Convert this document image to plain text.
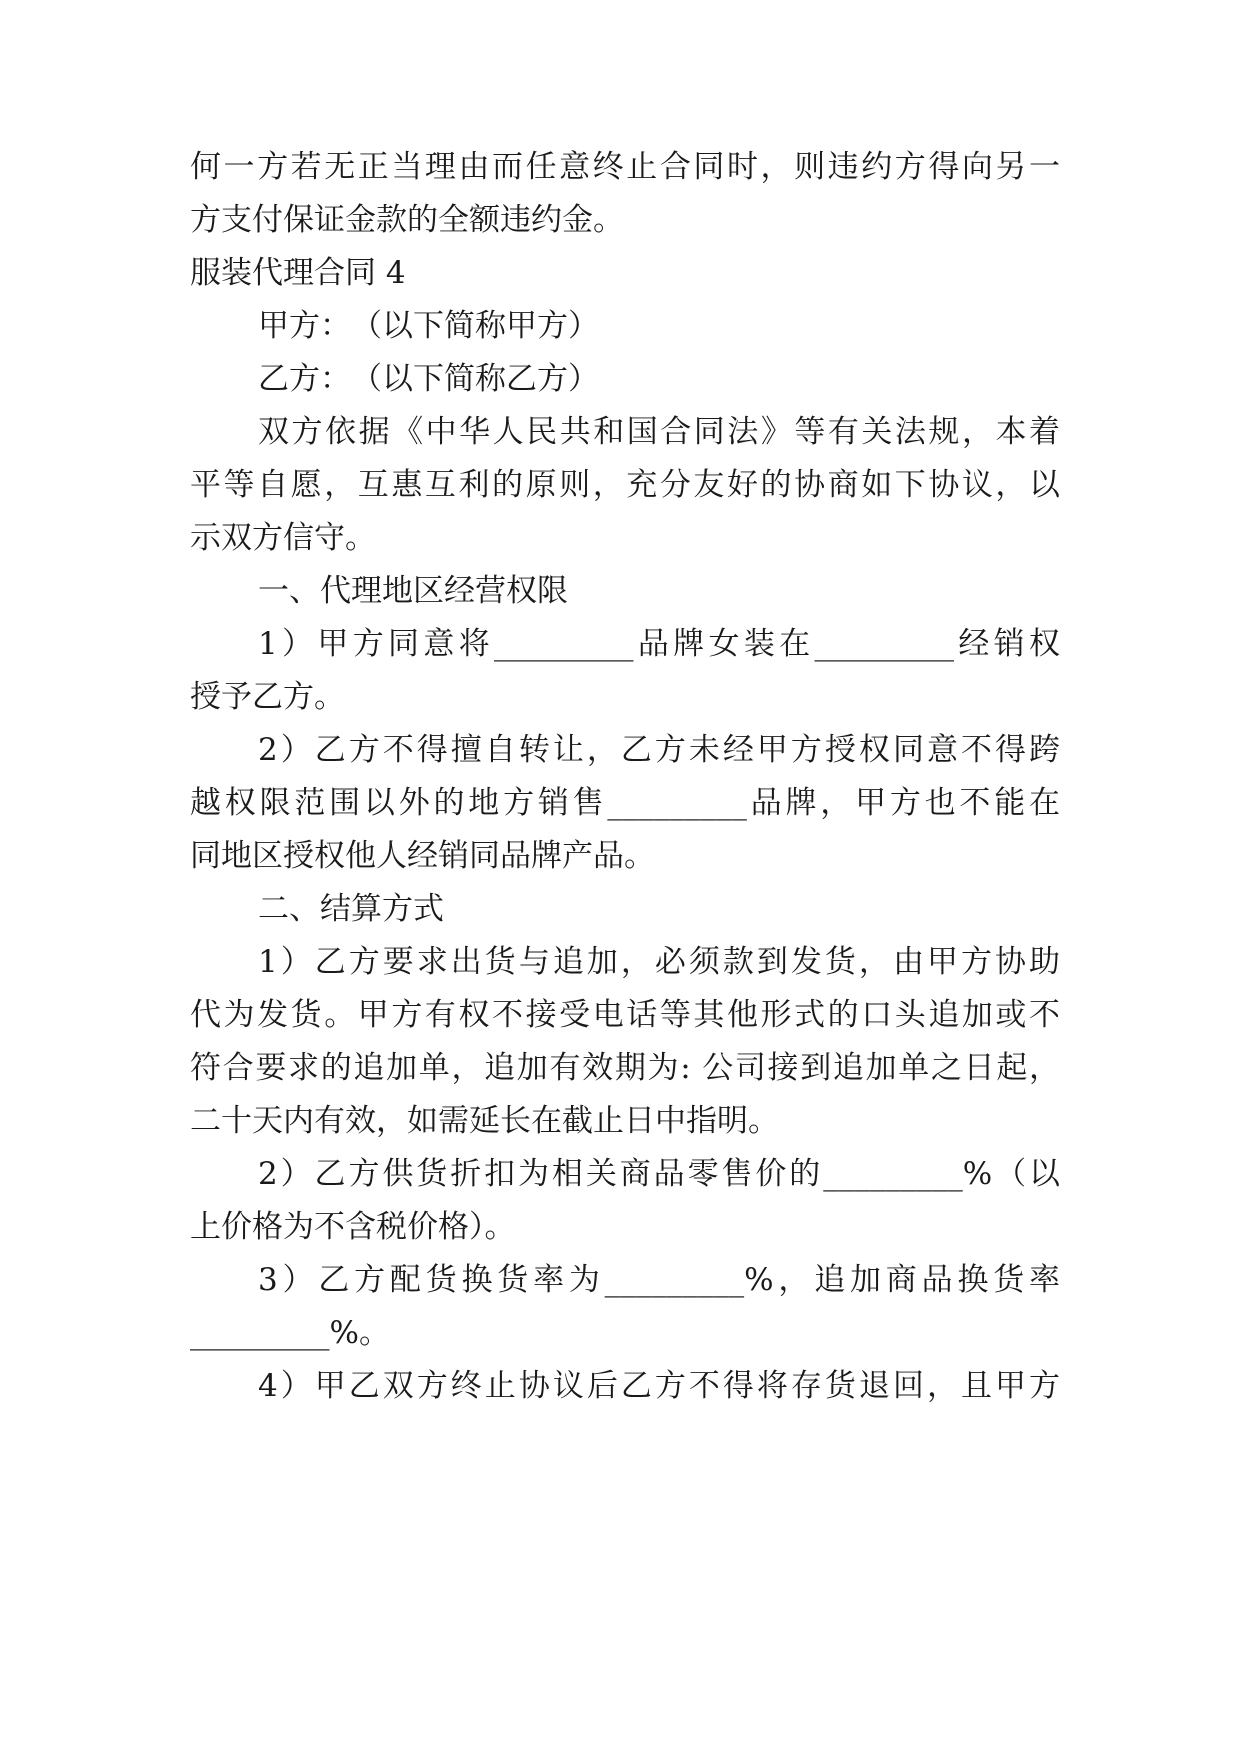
何一方若无正当理由而任意终止合同时，则违约方得向另一
方支付保证金款的全额违约金。
服装代理合同 4
甲方：　（以下简称甲方）
乙方：　（以下简称乙方）
双方依据《中华人民共和国合同法》等有关法规，本着
平等自愿，互惠互利的原则，充分友好的协商如下协议，以
示双方信守。
一、代理地区经营权限
1）甲方同意将_________品牌女装在_________经销权
授予乙方。
2）乙方不得擅自转让，乙方未经甲方授权同意不得跨
越权限范围以外的地方销售_________品牌，甲方也不能在
同地区授权他人经销同品牌产品。
二、结算方式
1）乙方要求出货与追加，必须款到发货，由甲方协助
代为发货。甲方有权不接受电话等其他形式的口头追加或不
符合要求的追加单，追加有效期为: 公司接到追加单之日起，
二十天内有效，如需延长在截止日中指明。
2）乙方供货折扣为相关商品零售价的_________%（以
上价格为不含税价格）。
3）乙方配货换货率为_________%，追加商品换货率
_________%。
4）甲乙双方终止协议后乙方不得将存货退回，且甲方
